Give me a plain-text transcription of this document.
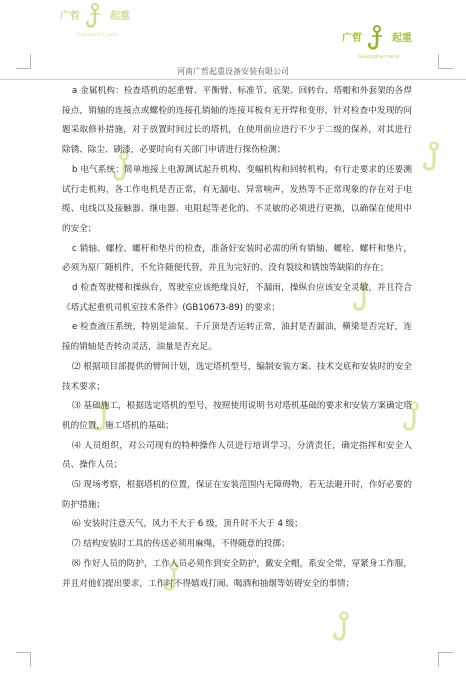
广哲	起重
Guangzhe Crane	广哲	起重
Guangzhe crane
河南广哲起重设备安装有限公司

a 金属机构：检查塔机的起重臂、平衡臂、标准节、底架、回转台、塔帽和外套架的各焊接点，销轴的连接点或螺栓的连接孔销轴的连接耳板有无开焊和变形，针对检查中发现的问题采取修补措施，对于放置时间过长的塔机，在使用前应进行不少于二级的保养，对其进行除锈、除尘、刷漆，必要时向有关部门申请进行探伤检测；

b 电气系统：简单地接上电源测试起升机构、变幅机构和回转机构，有行走要求的还要测试行走机构，各工作电机是否正常，有无漏电、异常响声，发热等不正常现象的存在对于电缆、电线以及接触器、继电器、电阻起等老化的、不灵敏的必须进行更换，以确保在使用中的安全；

c 销轴、螺栓、螺杆和垫片的检查，准备好安装时必需的所有销轴、螺栓、螺杆和垫片，必须为原厂随机件，不允许随便代替，并且为完好的、没有裂纹和锈蚀等缺陷的存在；

d 检查驾驶楼和操纵台，驾驶室应该绝缘良好，不漏雨，操纵台应该安全灵敏，并且符合《塔式起重机司机室技术条件》(GB10673-89) 的要求；

e 检查液压系统，特别是油泵、千斤顶是否运转正常，油封是否漏油，横梁是否完好，连接的销轴是否转动灵活，油量是否充足。

⑵ 根据项目部提供的臂间计划，选定塔机型号，编制安装方案、技术交底和安装时的安全技术要求；

⑶ 基础施工，根据选定塔机的型号，按照使用说明书对塔机基础的要求和安装方案确定塔机的位置，施工塔机的基础；

⑷ 人员组织，对公司现有的特种操作人员进行培训学习，分清责任，确定指挥和安全人员、操作人员；

⑸ 现场考察，根据塔机的位置，保证在安装范围内无障碍物，若无法避开时，作好必要的防护措施；

⑹ 安装时注意天气，风力不大于 6 级，顶升时不大于 4 级；

⑺ 结构安装时工具的传送必须用麻绳，不得随意的投掷；

⑻ 作好人员的防护，工作人员必须作到安全防护，戴安全帽，系安全带，穿紧身工作服，并且对他们提出要求，工作时不得嬉戏打闹、喝酒和抽烟等妨碍安全的事情；
